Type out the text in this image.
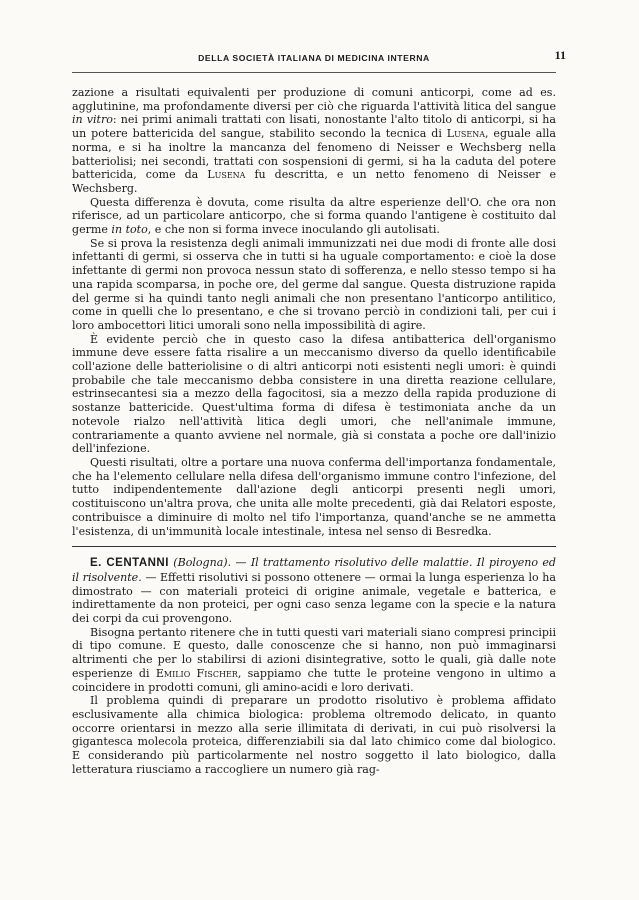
DELLA SOCIETÀ ITALIANA DI MEDICINA INTERNA	11

zazione a risultati equivalenti per produzione di comuni anticorpi, come ad es. agglutinine, ma profondamente diversi per ciò che riguarda l'attività litica del sangue in vitro: nei primi animali trattati con lisati, nonostante l'alto titolo di anticorpi, si ha un potere battericida del sangue, stabilito secondo la tecnica di Lusena, eguale alla norma, e si ha inoltre la mancanza del fenomeno di Neisser e Wechsberg nella batteriolisi; nei secondi, trattati con sospensioni di germi, si ha la caduta del potere battericida, come da Lusena fu descritta, e un netto fenomeno di Neisser e Wechsberg.

Questa differenza è dovuta, come risulta da altre esperienze dell'O. che ora non riferisce, ad un particolare anticorpo, che si forma quando l'antigene è costituito dal germe in toto, e che non si forma invece inoculando gli autolisati.

Se si prova la resistenza degli animali immunizzati nei due modi di fronte alle dosi infettanti di germi, si osserva che in tutti si ha uguale comportamento: e cioè la dose infettante di germi non provoca nessun stato di sofferenza, e nello stesso tempo si ha una rapida scomparsa, in poche ore, del germe dal sangue. Questa distruzione rapida del germe si ha quindi tanto negli animali che non presentano l'anticorpo antilitico, come in quelli che lo presentano, e che si trovano perciò in condizioni tali, per cui i loro ambocettori litici umorali sono nella impossibilità di agire.

È evidente perciò che in questo caso la difesa antibatterica dell'organismo immune deve essere fatta risalire a un meccanismo diverso da quello identificabile coll'azione delle batteriolisine o di altri anticorpi noti esistenti negli umori: è quindi probabile che tale meccanismo debba consistere in una diretta reazione cellulare, estrinsecantesi sia a mezzo della fagocitosi, sia a mezzo della rapida produzione di sostanze battericide. Quest'ultima forma di difesa è testimoniata anche da un notevole rialzo nell'attività litica degli umori, che nell'animale immune, contrariamente a quanto avviene nel normale, già si constata a poche ore dall'inizio dell'infezione.

Questi risultati, oltre a portare una nuova conferma dell'importanza fondamentale, che ha l'elemento cellulare nella difesa dell'organismo immune contro l'infezione, del tutto indipendentemente dall'azione degli anticorpi presenti negli umori, costituiscono un'altra prova, che unita alle molte precedenti, già dai Relatori esposte, contribuisce a diminuire di molto nel tifo l'importanza, quand'anche se ne ammetta l'esistenza, di un'immunità locale intestinale, intesa nel senso di Besredka.

E. CENTANNI (Bologna). — Il trattamento risolutivo delle malattie. Il piroyeno ed il risolvente. — Effetti risolutivi si possono ottenere — ormai la lunga esperienza lo ha dimostrato — con materiali proteici di origine animale, vegetale e batterica, e indirettamente da non proteici, per ogni caso senza legame con la specie e la natura dei corpi da cui provengono.

Bisogna pertanto ritenere che in tutti questi vari materiali siano compresi principii di tipo comune. E questo, dalle conoscenze che si hanno, non può immaginarsi altrimenti che per lo stabilirsi di azioni disintegrative, sotto le quali, già dalle note esperienze di Emilio Fischer, sappiamo che tutte le proteine vengono in ultimo a coincidere in prodotti comuni, gli amino-acidi e loro derivati.

Il problema quindi di preparare un prodotto risolutivo è problema affidato esclusivamente alla chimica biologica: problema oltremodo delicato, in quanto occorre orientarsi in mezzo alla serie illimitata di derivati, in cui può risolversi la gigantesca molecola proteica, differenziabili sia dal lato chimico come dal biologico. E considerando più particolarmente nel nostro soggetto il lato biologico, dalla letteratura riusciamo a raccogliere un numero già rag-
